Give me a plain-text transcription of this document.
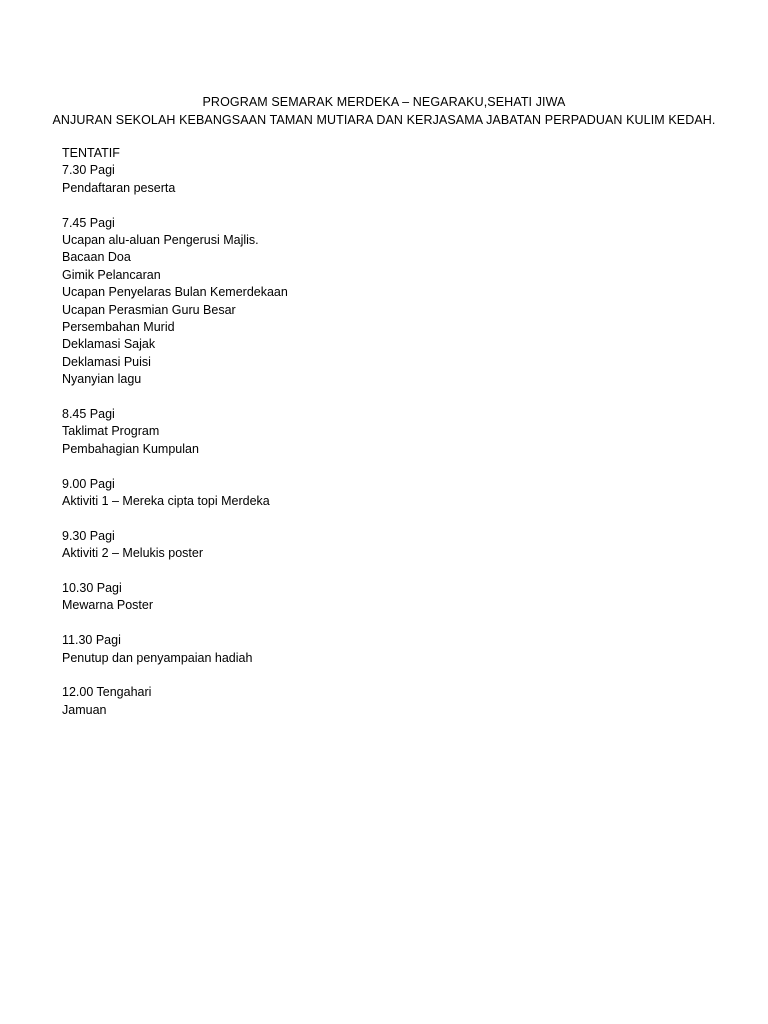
PROGRAM SEMARAK MERDEKA – NEGARAKU,SEHATI JIWA
ANJURAN SEKOLAH KEBANGSAAN TAMAN MUTIARA DAN KERJASAMA JABATAN PERPADUAN KULIM KEDAH.
TENTATIF
7.30 Pagi
Pendaftaran peserta
7.45 Pagi
Ucapan alu-aluan Pengerusi Majlis.
Bacaan Doa
Gimik Pelancaran
Ucapan Penyelaras Bulan Kemerdekaan
Ucapan Perasmian Guru Besar
Persembahan Murid
Deklamasi Sajak
Deklamasi Puisi
Nyanyian lagu
8.45 Pagi
Taklimat Program
Pembahagian Kumpulan
9.00 Pagi
Aktiviti 1 – Mereka cipta topi Merdeka
9.30 Pagi
Aktiviti 2 – Melukis poster
10.30 Pagi
Mewarna Poster
11.30 Pagi
Penutup dan penyampaian hadiah
12.00 Tengahari
Jamuan
